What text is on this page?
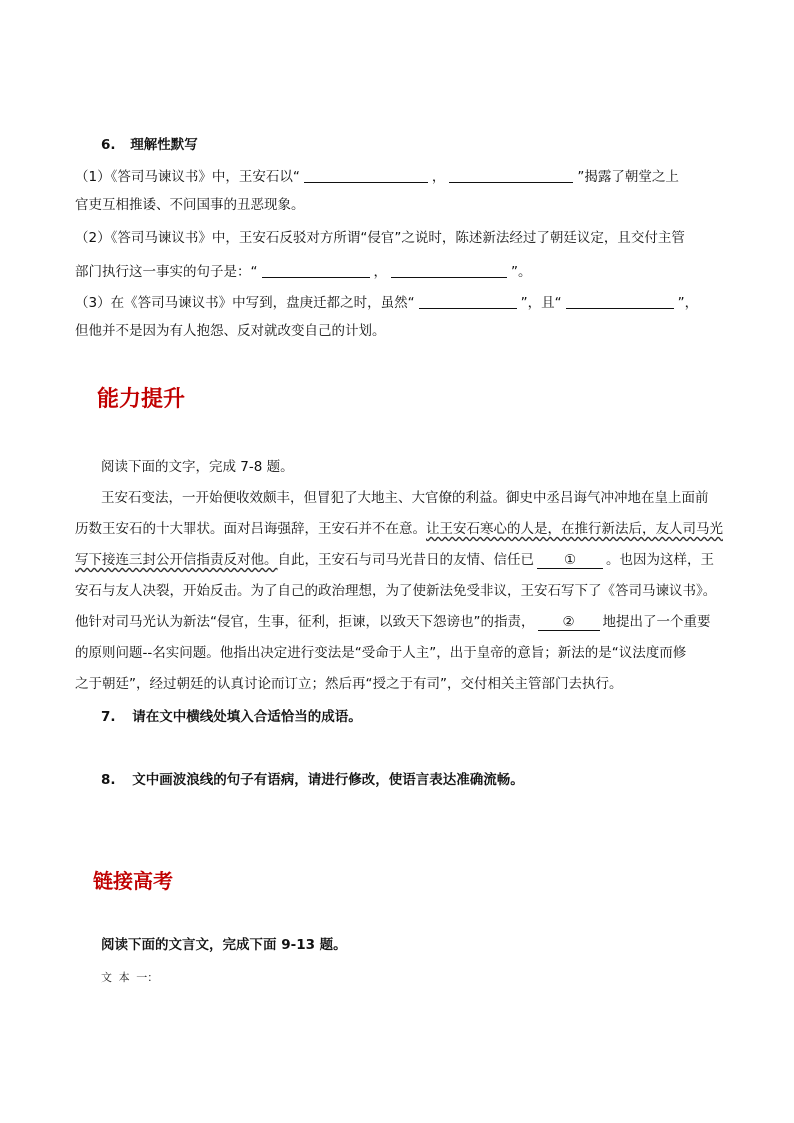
6. 理解性默写
（1）《答司马谏议书》中，王安石以“	，	”揭露了朝堂之上
官吏互相推诿、不问国事的丑恶现象。
（2）《答司马谏议书》中，王安石反驳对方所谓“侵官”之说时，陈述新法经过了朝廷议定，且交付主管
部门执行这一事实的句子是：“	，	”。
（3）在《答司马谏议书》中写到，盘庚迁都之时，虽然“	”，且“	”，
但他并不是因为有人抱怨、反对就改变自己的计划。
能力提升
阅读下面的文字，完成 7-8 题。
王安石变法，一开始便收效颇丰，但冒犯了大地主、大官僚的利益。御史中丞吕诲气冲冲地在皇上面前
历数王安石的十大罪状。面对吕诲强辞，王安石并不在意。让王安石寒心的人是，在推行新法后，友人司马光
写下接连三封公开信指责反对他。自此，王安石与司马光昔日的友情、信任已 ① 。也因为这样，王
安石与友人决裂，开始反击。为了自己的政治理想，为了使新法免受非议，王安石写下了《答司马谏议书》。
他针对司马光认为新法“侵官，生事，征利，拒谏，以致天下怨谤也”的指责， ② 地提出了一个重要
的原则问题--名实问题。他指出决定进行变法是“受命于人主”，出于皇帝的意旨；新法的是“议法度而修
之于朝廷”，经过朝廷的认真讨论而订立；然后再“授之于有司”，交付相关主管部门去执行。
7. 请在文中横线处填入合适恰当的成语。
8. 文中画波浪线的句子有语病，请进行修改，使语言表达准确流畅。
链接高考
阅读下面的文言文，完成下面 9-13 题。
文 本 一：
